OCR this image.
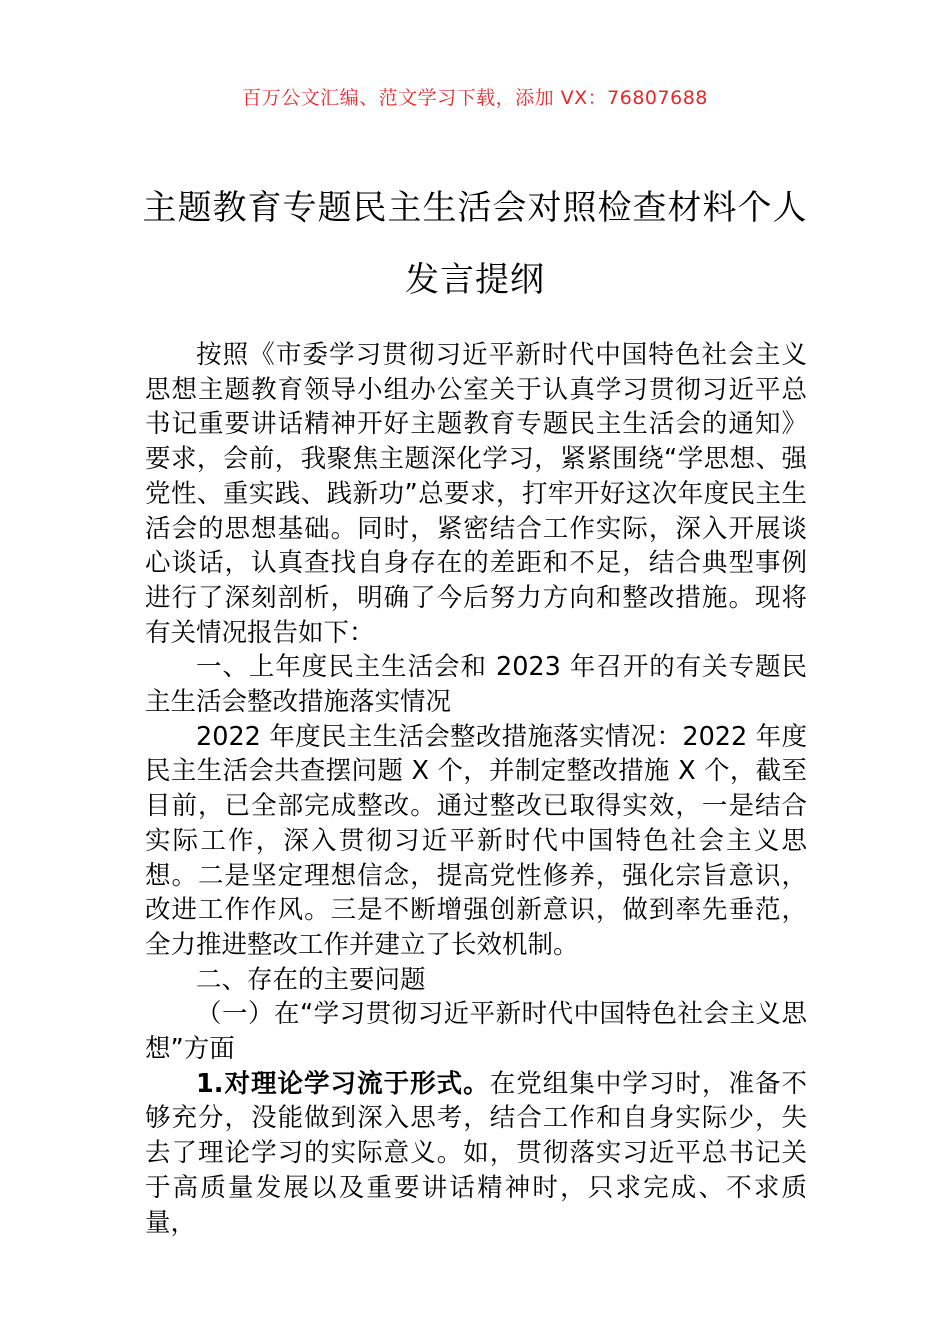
百万公文汇编、范文学习下载，添加 VX：76807688
主题教育专题民主生活会对照检查材料个人发言提纲

按照《市委学习贯彻习近平新时代中国特色社会主义思想主题教育领导小组办公室关于认真学习贯彻习近平总书记重要讲话精神开好主题教育专题民主生活会的通知》要求，会前，我聚焦主题深化学习，紧紧围绕“学思想、强党性、重实践、践新功”总要求，打牢开好这次年度民主生活会的思想基础。同时，紧密结合工作实际，深入开展谈心谈话，认真查找自身存在的差距和不足，结合典型事例进行了深刻剖析，明确了今后努力方向和整改措施。现将有关情况报告如下：

一、上年度民主生活会和 2023 年召开的有关专题民主生活会整改措施落实情况

2022 年度民主生活会整改措施落实情况：2022 年度民主生活会共查摆问题 X 个，并制定整改措施 X 个，截至目前，已全部完成整改。通过整改已取得实效，一是结合实际工作，深入贯彻习近平新时代中国特色社会主义思想。二是坚定理想信念，提高党性修养，强化宗旨意识，改进工作作风。三是不断增强创新意识，做到率先垂范，全力推进整改工作并建立了长效机制。

二、存在的主要问题

（一）在“学习贯彻习近平新时代中国特色社会主义思想”方面

1.对理论学习流于形式。在党组集中学习时，准备不够充分，没能做到深入思考，结合工作和自身实际少，失去了理论学习的实际意义。如，贯彻落实习近平总书记关于高质量发展以及重要讲话精神时，只求完成、不求质量，
